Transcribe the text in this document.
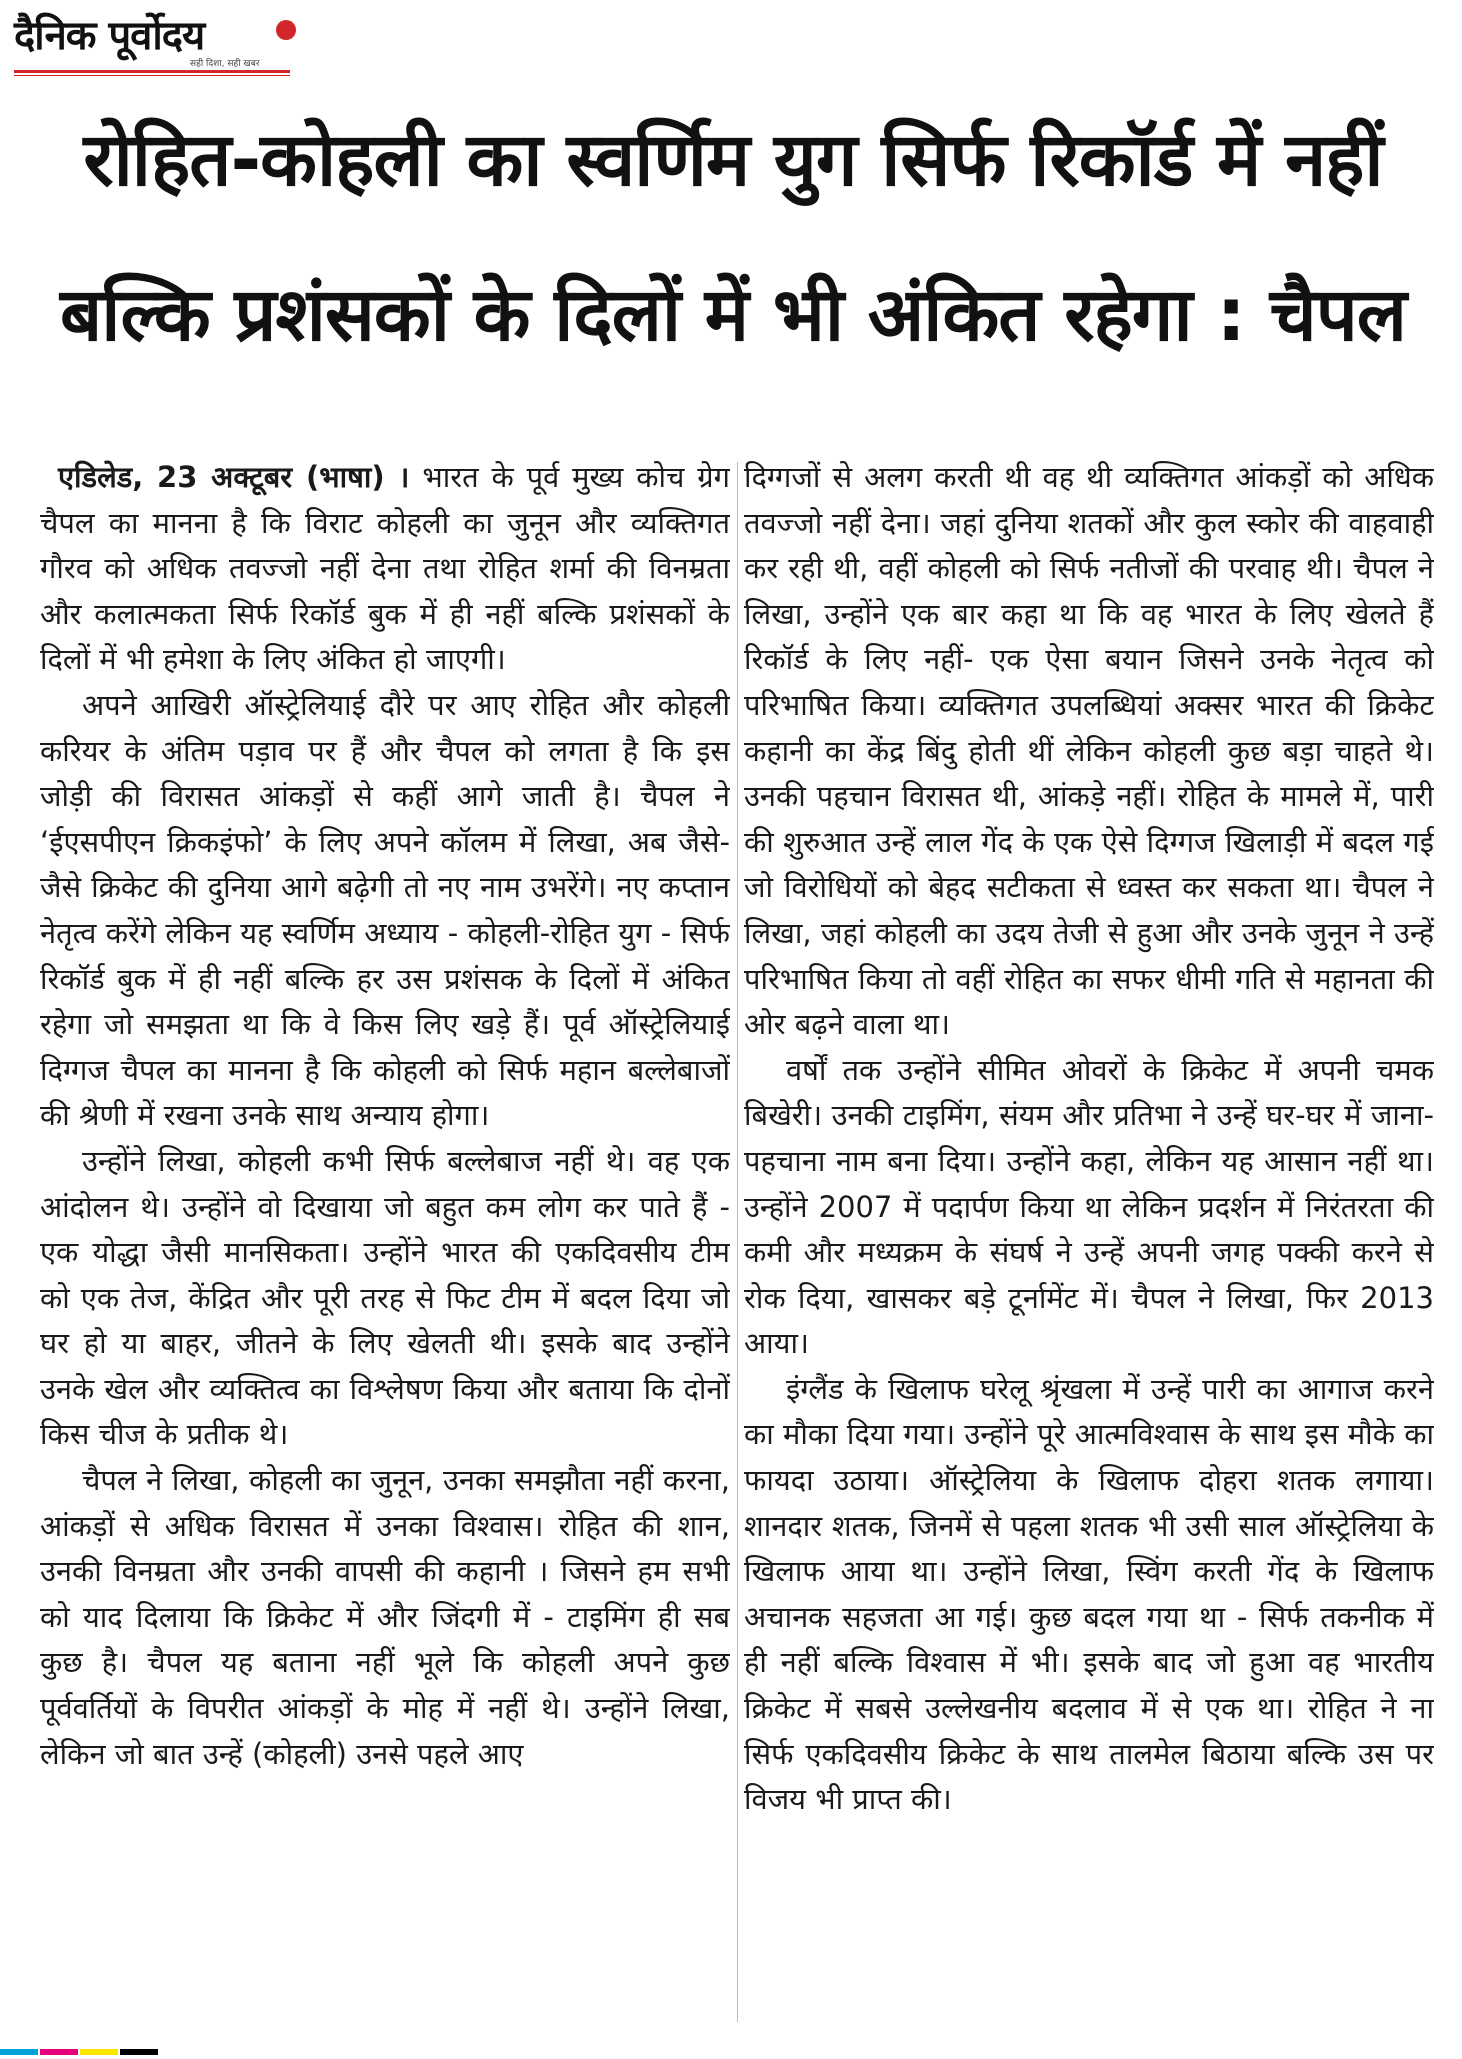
दैनिक पूर्वोदय
सही दिशा, सही खबर
रोहित-कोहली का स्वर्णिम युग सिर्फ रिकॉर्ड में नहीं
बल्कि प्रशंसकों के दिलों में भी अंकित रहेगा : चैपल

एडिलेड, 23 अक्टूबर (भाषा) । भारत के पूर्व मुख्य कोच ग्रेग चैपल का मानना है कि विराट कोहली का जुनून और व्यक्तिगत गौरव को अधिक तवज्जो नहीं देना तथा रोहित शर्मा की विनम्रता और कलात्मकता सिर्फ रिकॉर्ड बुक में ही नहीं बल्कि प्रशंसकों के दिलों में भी हमेशा के लिए अंकित हो जाएगी।

अपने आखिरी ऑस्ट्रेलियाई दौरे पर आए रोहित और कोहली करियर के अंतिम पड़ाव पर हैं और चैपल को लगता है कि इस जोड़ी की विरासत आंकड़ों से कहीं आगे जाती है। चैपल ने ‘ईएसपीएन क्रिकइंफो’ के लिए अपने कॉलम में लिखा, अब जैसे-जैसे क्रिकेट की दुनिया आगे बढ़ेगी तो नए नाम उभरेंगे। नए कप्तान नेतृत्व करेंगे लेकिन यह स्वर्णिम अध्याय - कोहली-रोहित युग - सिर्फ रिकॉर्ड बुक में ही नहीं बल्कि हर उस प्रशंसक के दिलों में अंकित रहेगा जो समझता था कि वे किस लिए खड़े हैं। पूर्व ऑस्ट्रेलियाई दिग्गज चैपल का मानना है कि कोहली को सिर्फ महान बल्लेबाजों की श्रेणी में रखना उनके साथ अन्याय होगा।

उन्होंने लिखा, कोहली कभी सिर्फ बल्लेबाज नहीं थे। वह एक आंदोलन थे। उन्होंने वो दिखाया जो बहुत कम लोग कर पाते हैं - एक योद्धा जैसी मानसिकता। उन्होंने भारत की एकदिवसीय टीम को एक तेज, केंद्रित और पूरी तरह से फिट टीम में बदल दिया जो घर हो या बाहर, जीतने के लिए खेलती थी। इसके बाद उन्होंने उनके खेल और व्यक्तित्व का विश्लेषण किया और बताया कि दोनों किस चीज के प्रतीक थे।

चैपल ने लिखा, कोहली का जुनून, उनका समझौता नहीं करना, आंकड़ों से अधिक विरासत में उनका विश्वास। रोहित की शान, उनकी विनम्रता और उनकी वापसी की कहानी । जिसने हम सभी को याद दिलाया कि क्रिकेट में और जिंदगी में - टाइमिंग ही सब कुछ है। चैपल यह बताना नहीं भूले कि कोहली अपने कुछ पूर्ववर्तियों के विपरीत आंकड़ों के मोह में नहीं थे। उन्होंने लिखा, लेकिन जो बात उन्हें (कोहली) उनसे पहले आए

दिग्गजों से अलग करती थी वह थी व्यक्तिगत आंकड़ों को अधिक तवज्जो नहीं देना। जहां दुनिया शतकों और कुल स्कोर की वाहवाही कर रही थी, वहीं कोहली को सिर्फ नतीजों की परवाह थी। चैपल ने लिखा, उन्होंने एक बार कहा था कि वह भारत के लिए खेलते हैं रिकॉर्ड के लिए नहीं- एक ऐसा बयान जिसने उनके नेतृत्व को परिभाषित किया। व्यक्तिगत उपलब्धियां अक्सर भारत की क्रिकेट कहानी का केंद्र बिंदु होती थीं लेकिन कोहली कुछ बड़ा चाहते थे। उनकी पहचान विरासत थी, आंकड़े नहीं। रोहित के मामले में, पारी की शुरुआत उन्हें लाल गेंद के एक ऐसे दिग्गज खिलाड़ी में बदल गई जो विरोधियों को बेहद सटीकता से ध्वस्त कर सकता था। चैपल ने लिखा, जहां कोहली का उदय तेजी से हुआ और उनके जुनून ने उन्हें परिभाषित किया तो वहीं रोहित का सफर धीमी गति से महानता की ओर बढ़ने वाला था।

वर्षों तक उन्होंने सीमित ओवरों के क्रिकेट में अपनी चमक बिखेरी। उनकी टाइमिंग, संयम और प्रतिभा ने उन्हें घर-घर में जाना-पहचाना नाम बना दिया। उन्होंने कहा, लेकिन यह आसान नहीं था। उन्होंने 2007 में पदार्पण किया था लेकिन प्रदर्शन में निरंतरता की कमी और मध्यक्रम के संघर्ष ने उन्हें अपनी जगह पक्की करने से रोक दिया, खासकर बड़े टूर्नामेंट में। चैपल ने लिखा, फिर 2013 आया।

इंग्लैंड के खिलाफ घरेलू श्रृंखला में उन्हें पारी का आगाज करने का मौका दिया गया। उन्होंने पूरे आत्मविश्वास के साथ इस मौके का फायदा उठाया। ऑस्ट्रेलिया के खिलाफ दोहरा शतक लगाया। शानदार शतक, जिनमें से पहला शतक भी उसी साल ऑस्ट्रेलिया के खिलाफ आया था। उन्होंने लिखा, स्विंग करती गेंद के खिलाफ अचानक सहजता आ गई। कुछ बदल गया था - सिर्फ तकनीक में ही नहीं बल्कि विश्वास में भी। इसके बाद जो हुआ वह भारतीय क्रिकेट में सबसे उल्लेखनीय बदलाव में से एक था। रोहित ने ना सिर्फ एकदिवसीय क्रिकेट के साथ तालमेल बिठाया बल्कि उस पर विजय भी प्राप्त की।
